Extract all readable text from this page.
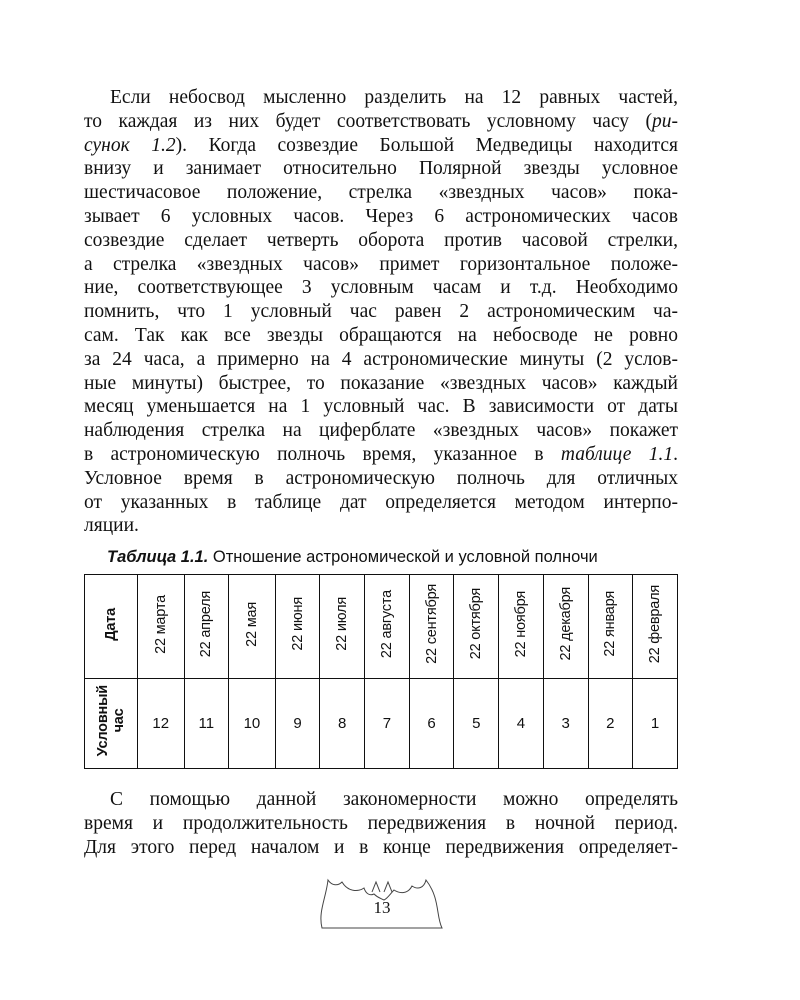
Если небосвод мысленно разделить на 12 равных частей,
то каждая из них будет соответствовать условному часу (ри-
сунок 1.2). Когда созвездие Большой Медведицы находится
внизу и занимает относительно Полярной звезды условное
шестичасовое положение, стрелка «звездных часов» пока-
зывает 6 условных часов. Через 6 астрономических часов
созвездие сделает четверть оборота против часовой стрелки,
а стрелка «звездных часов» примет горизонтальное положе-
ние, соответствующее 3 условным часам и т.д. Необходимо
помнить, что 1 условный час равен 2 астрономическим ча-
сам. Так как все звезды обращаются на небосводе не ровно
за 24 часа, а примерно на 4 астрономические минуты (2 услов-
ные минуты) быстрее, то показание «звездных часов» каждый
месяц уменьшается на 1 условный час. В зависимости от даты
наблюдения стрелка на циферблате «звездных часов» покажет
в астрономическую полночь время, указанное в таблице 1.1.
Условное время в астрономическую полночь для отличных
от указанных в таблице дат определяется методом интерпо-
ляции.
Таблица 1.1. Отношение астрономической и условной полночи
Дата	22 марта	22 апреля	22 мая	22 июня	22 июля	22 августа	22 сентября	22 октября	22 ноября	22 декабря	22 января	22 февраля
Условный
час	12	11	10	9	8	7	6	5	4	3	2	1
С помощью данной закономерности можно определять
время и продолжительность передвижения в ночной период.
Для этого перед началом и в конце передвижения определяет-
13
